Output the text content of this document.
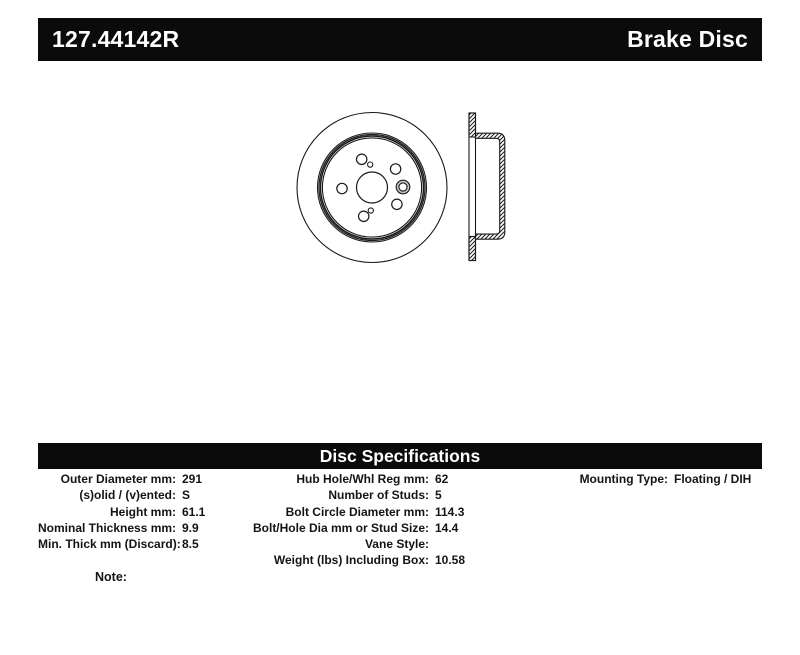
127.44142R	Brake Disc
Disc Specifications
Outer Diameter mm: 291
(s)olid / (v)ented: S
Height mm: 61.1
Nominal Thickness mm: 9.9
Min. Thick mm (Discard): 8.5
Hub Hole/Whl Reg mm: 62
Number of Studs: 5
Bolt Circle Diameter mm: 114.3
Bolt/Hole Dia mm or Stud Size: 14.4
Vane Style:
Weight (lbs) Including Box: 10.58
Mounting Type: Floating / DIH
Note:
